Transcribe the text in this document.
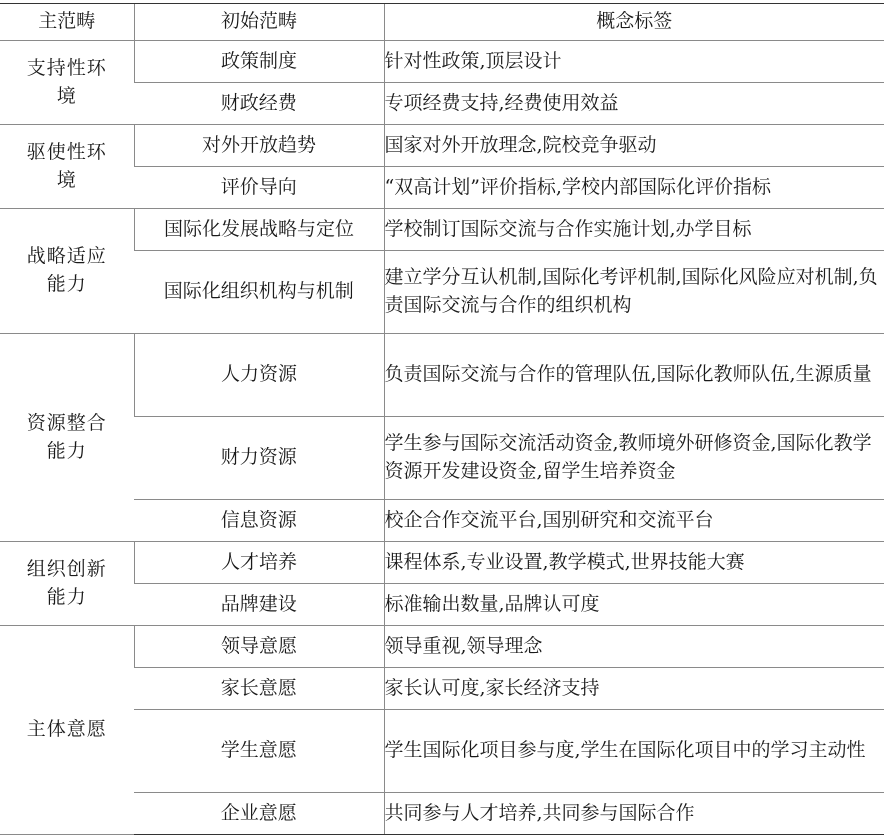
主范畴	初始范畴	概念标签
支持性环境	政策制度	针对性政策,顶层设计
	财政经费	专项经费支持,经费使用效益
驱使性环境	对外开放趋势	国家对外开放理念,院校竞争驱动
	评价导向	“双高计划”评价指标,学校内部国际化评价指标
战略适应能力	国际化发展战略与定位	学校制订国际交流与合作实施计划,办学目标
	国际化组织机构与机制	建立学分互认机制,国际化考评机制,国际化风险应对机制,负责国际交流与合作的组织机构
资源整合能力	人力资源	负责国际交流与合作的管理队伍,国际化教师队伍,生源质量
	财力资源	学生参与国际交流活动资金,教师境外研修资金,国际化教学资源开发建设资金,留学生培养资金
	信息资源	校企合作交流平台,国别研究和交流平台
组织创新能力	人才培养	课程体系,专业设置,教学模式,世界技能大赛
	品牌建设	标准输出数量,品牌认可度
主体意愿	领导意愿	领导重视,领导理念
	家长意愿	家长认可度,家长经济支持
	学生意愿	学生国际化项目参与度,学生在国际化项目中的学习主动性
	企业意愿	共同参与人才培养,共同参与国际合作
